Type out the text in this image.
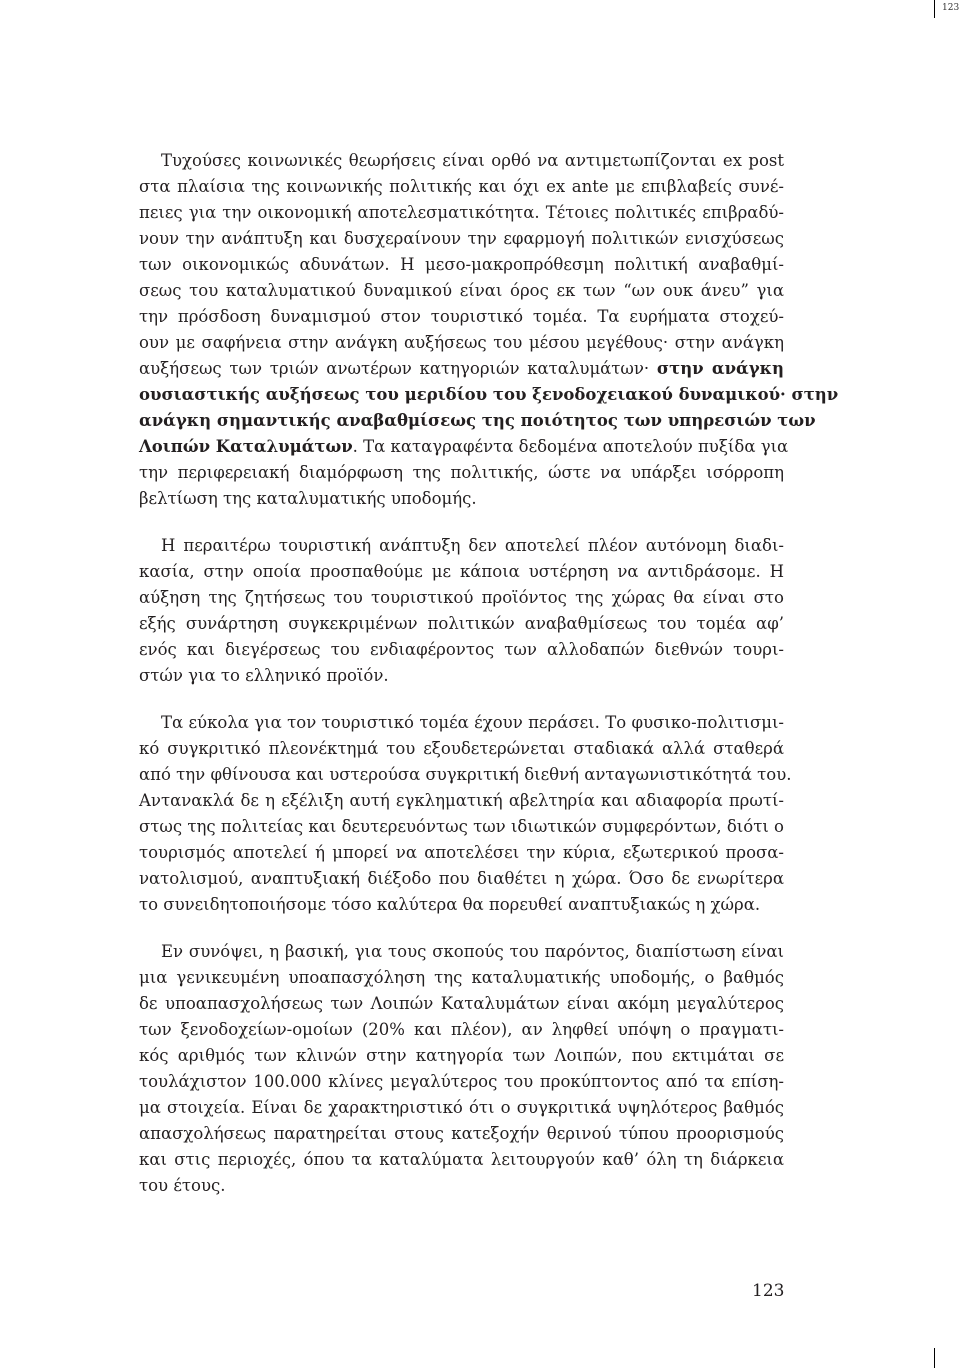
123
Τυχούσες κοινωνικές θεωρήσεις είναι ορθό να αντιμετωπίζονται ex post
στα πλαίσια της κοινωνικής πολιτικής και όχι ex ante με επιβλαβείς συνέ-
πειες για την οικονομική αποτελεσματικότητα. Τέτοιες πολιτικές επιβραδύ-
νουν την ανάπτυξη και δυσχεραίνουν την εφαρμογή πολιτικών ενισχύσεως
των οικονομικώς αδυνάτων. Η μεσο-μακροπρόθεσμη πολιτική αναβαθμί-
σεως του καταλυματικού δυναμικού είναι όρος εκ των “ων ουκ άνευ” για
την πρόσδοση δυναμισμού στον τουριστικό τομέα. Τα ευρήματα στοχεύ-
ουν με σαφήνεια στην ανάγκη αυξήσεως του μέσου μεγέθους· στην ανάγκη
αυξήσεως των τριών ανωτέρων κατηγοριών καταλυμάτων· στην ανάγκη
ουσιαστικής αυξήσεως του μεριδίου του ξενοδοχειακού δυναμικού· στην
ανάγκη σημαντικής αναβαθμίσεως της ποιότητος των υπηρεσιών των
Λοιπών Καταλυμάτων. Τα καταγραφέντα δεδομένα αποτελούν πυξίδα για
την περιφερειακή διαμόρφωση της πολιτικής, ώστε να υπάρξει ισόρροπη
βελτίωση της καταλυματικής υποδομής.
Η περαιτέρω τουριστική ανάπτυξη δεν αποτελεί πλέον αυτόνομη διαδι-
κασία, στην οποία προσπαθούμε με κάποια υστέρηση να αντιδράσομε. Η
αύξηση της ζητήσεως του τουριστικού προϊόντος της χώρας θα είναι στο
εξής συνάρτηση συγκεκριμένων πολιτικών αναβαθμίσεως του τομέα αφ’
ενός και διεγέρσεως του ενδιαφέροντος των αλλοδαπών διεθνών τουρι-
στών για το ελληνικό προϊόν.
Τα εύκολα για τον τουριστικό τομέα έχουν περάσει. Το φυσικο-πολιτισμι-
κό συγκριτικό πλεονέκτημά του εξουδετερώνεται σταδιακά αλλά σταθερά
από την φθίνουσα και υστερούσα συγκριτική διεθνή ανταγωνιστικότητά του.
Αντανακλά δε η εξέλιξη αυτή εγκληματική αβελτηρία και αδιαφορία πρωτί-
στως της πολιτείας και δευτερευόντως των ιδιωτικών συμφερόντων, διότι ο
τουρισμός αποτελεί ή μπορεί να αποτελέσει την κύρια, εξωτερικού προσα-
νατολισμού, αναπτυξιακή διέξοδο που διαθέτει η χώρα. Όσο δε ενωρίτερα
το συνειδητοποιήσομε τόσο καλύτερα θα πορευθεί αναπτυξιακώς η χώρα.
Εν συνόψει, η βασική, για τους σκοπούς του παρόντος, διαπίστωση είναι
μια γενικευμένη υποαπασχόληση της καταλυματικής υποδομής, ο βαθμός
δε υποαπασχολήσεως των Λοιπών Καταλυμάτων είναι ακόμη μεγαλύτερος
των ξενοδοχείων-ομοίων (20% και πλέον), αν ληφθεί υπόψη ο πραγματι-
κός αριθμός των κλινών στην κατηγορία των Λοιπών, που εκτιμάται σε
τουλάχιστον 100.000 κλίνες μεγαλύτερος του προκύπτοντος από τα επίση-
μα στοιχεία. Είναι δε χαρακτηριστικό ότι ο συγκριτικά υψηλότερος βαθμός
απασχολήσεως παρατηρείται στους κατεξοχήν θερινού τύπου προορισμούς
και στις περιοχές, όπου τα καταλύματα λειτουργούν καθ’ όλη τη διάρκεια
του έτους.
123
